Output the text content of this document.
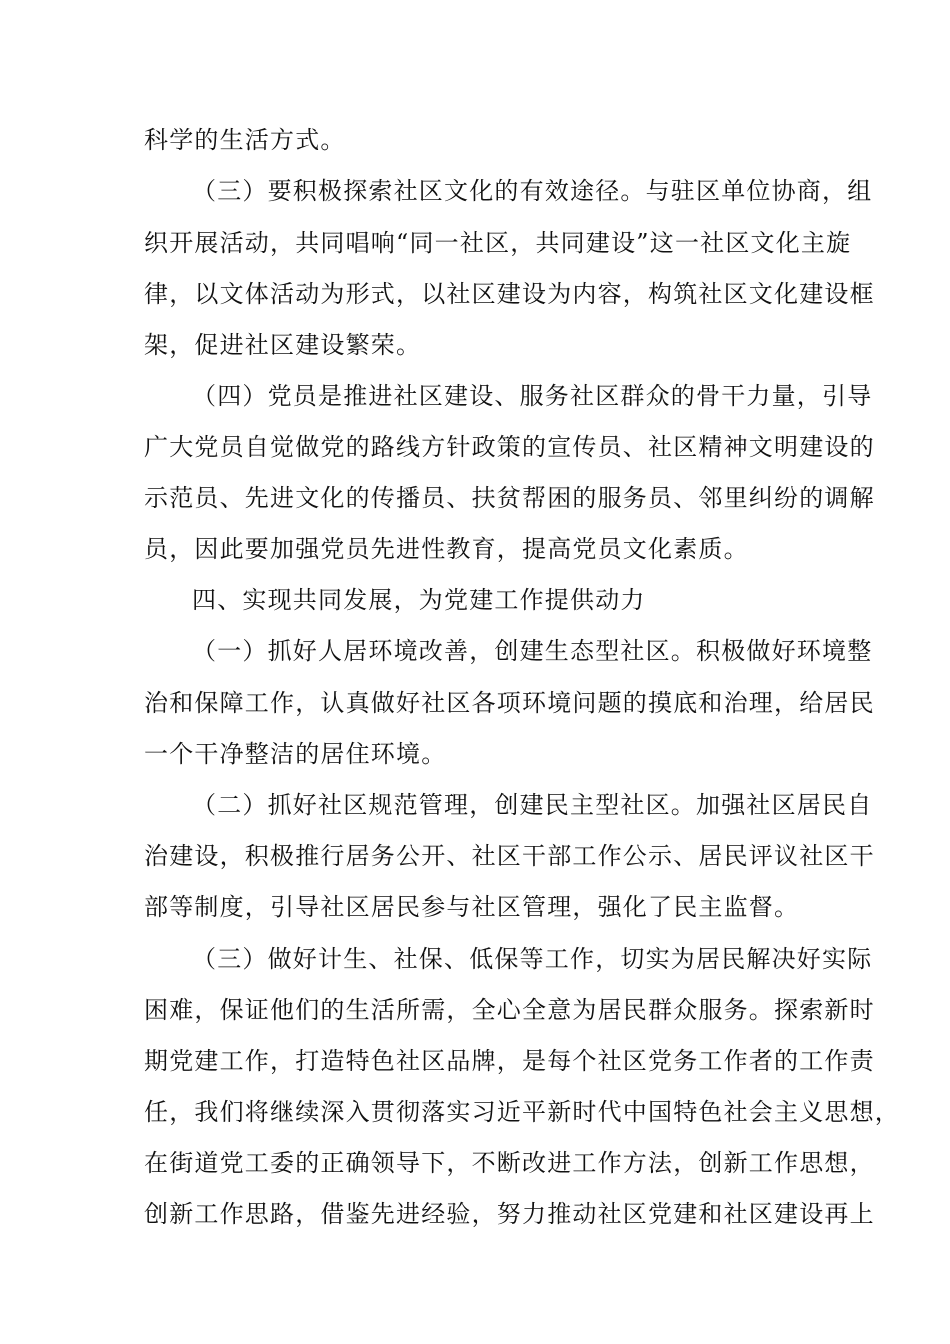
科学的生活方式。
（三）要积极探索社区文化的有效途径。与驻区单位协商，组
织开展活动，共同唱响“同一社区，共同建设”这一社区文化主旋
律，以文体活动为形式，以社区建设为内容，构筑社区文化建设框
架，促进社区建设繁荣。
（四）党员是推进社区建设、服务社区群众的骨干力量，引导
广大党员自觉做党的路线方针政策的宣传员、社区精神文明建设的
示范员、先进文化的传播员、扶贫帮困的服务员、邻里纠纷的调解
员，因此要加强党员先进性教育，提高党员文化素质。
四、实现共同发展，为党建工作提供动力
（一）抓好人居环境改善，创建生态型社区。积极做好环境整
治和保障工作，认真做好社区各项环境问题的摸底和治理，给居民
一个干净整洁的居住环境。
（二）抓好社区规范管理，创建民主型社区。加强社区居民自
治建设，积极推行居务公开、社区干部工作公示、居民评议社区干
部等制度，引导社区居民参与社区管理，强化了民主监督。
（三）做好计生、社保、低保等工作，切实为居民解决好实际
困难，保证他们的生活所需，全心全意为居民群众服务。探索新时
期党建工作，打造特色社区品牌，是每个社区党务工作者的工作责
任，我们将继续深入贯彻落实习近平新时代中国特色社会主义思想，
在街道党工委的正确领导下，不断改进工作方法，创新工作思想，
创新工作思路，借鉴先进经验，努力推动社区党建和社区建设再上
